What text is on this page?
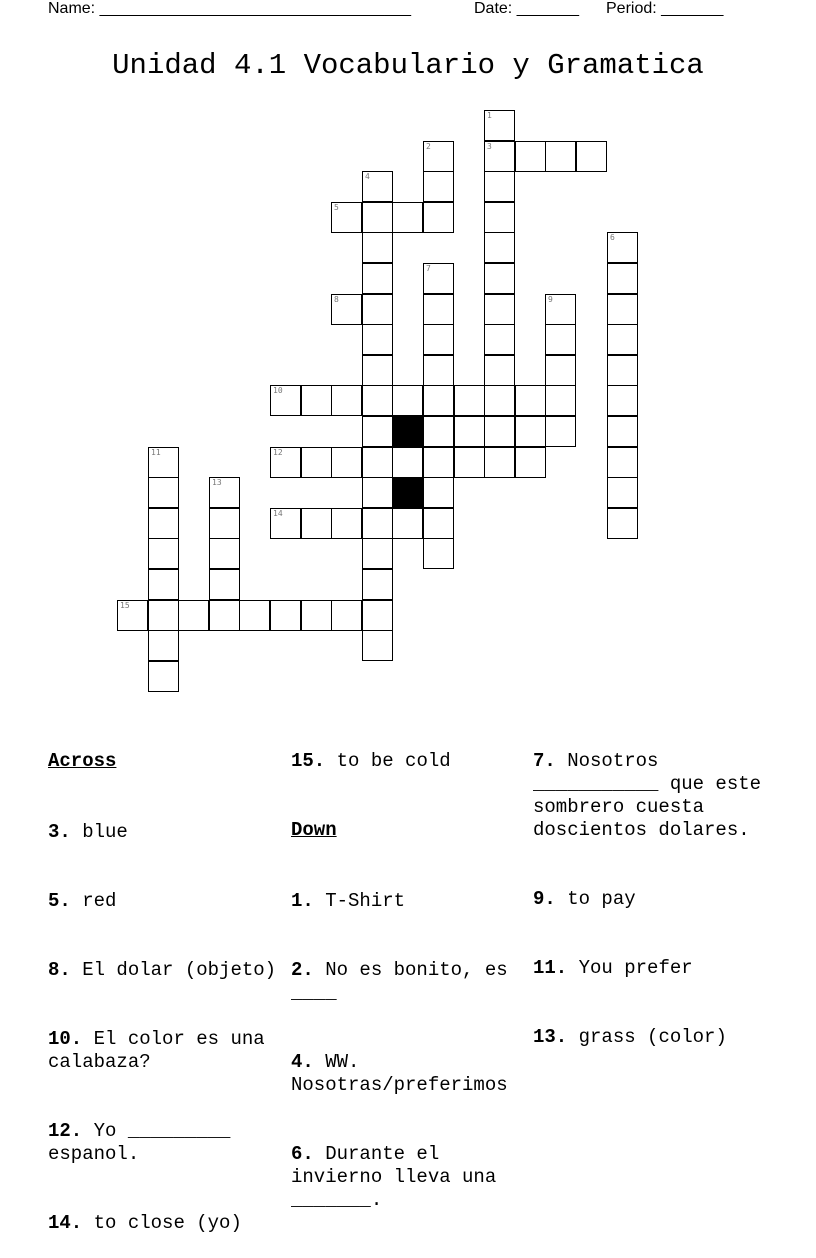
Name: ___________________________________	Date: _______ Period: _______
Unidad 4.1 Vocabulario y Gramatica
1
3
2
4
5
6
7
8	9
10
11	12
13
14
15

Across

3. blue

5. red

8. El dolar (objeto)

10. El color es una calabaza?

12. Yo _________ espanol.

14. to close (yo)

15. to be cold

Down

1. T-Shirt

2. No es bonito, es ____

4. WW. Nosotras/preferimos

6. Durante el invierno lleva una _______.

7. Nosotros ___________ que este sombrero cuesta doscientos dolares.

9. to pay

11. You prefer

13. grass (color)
